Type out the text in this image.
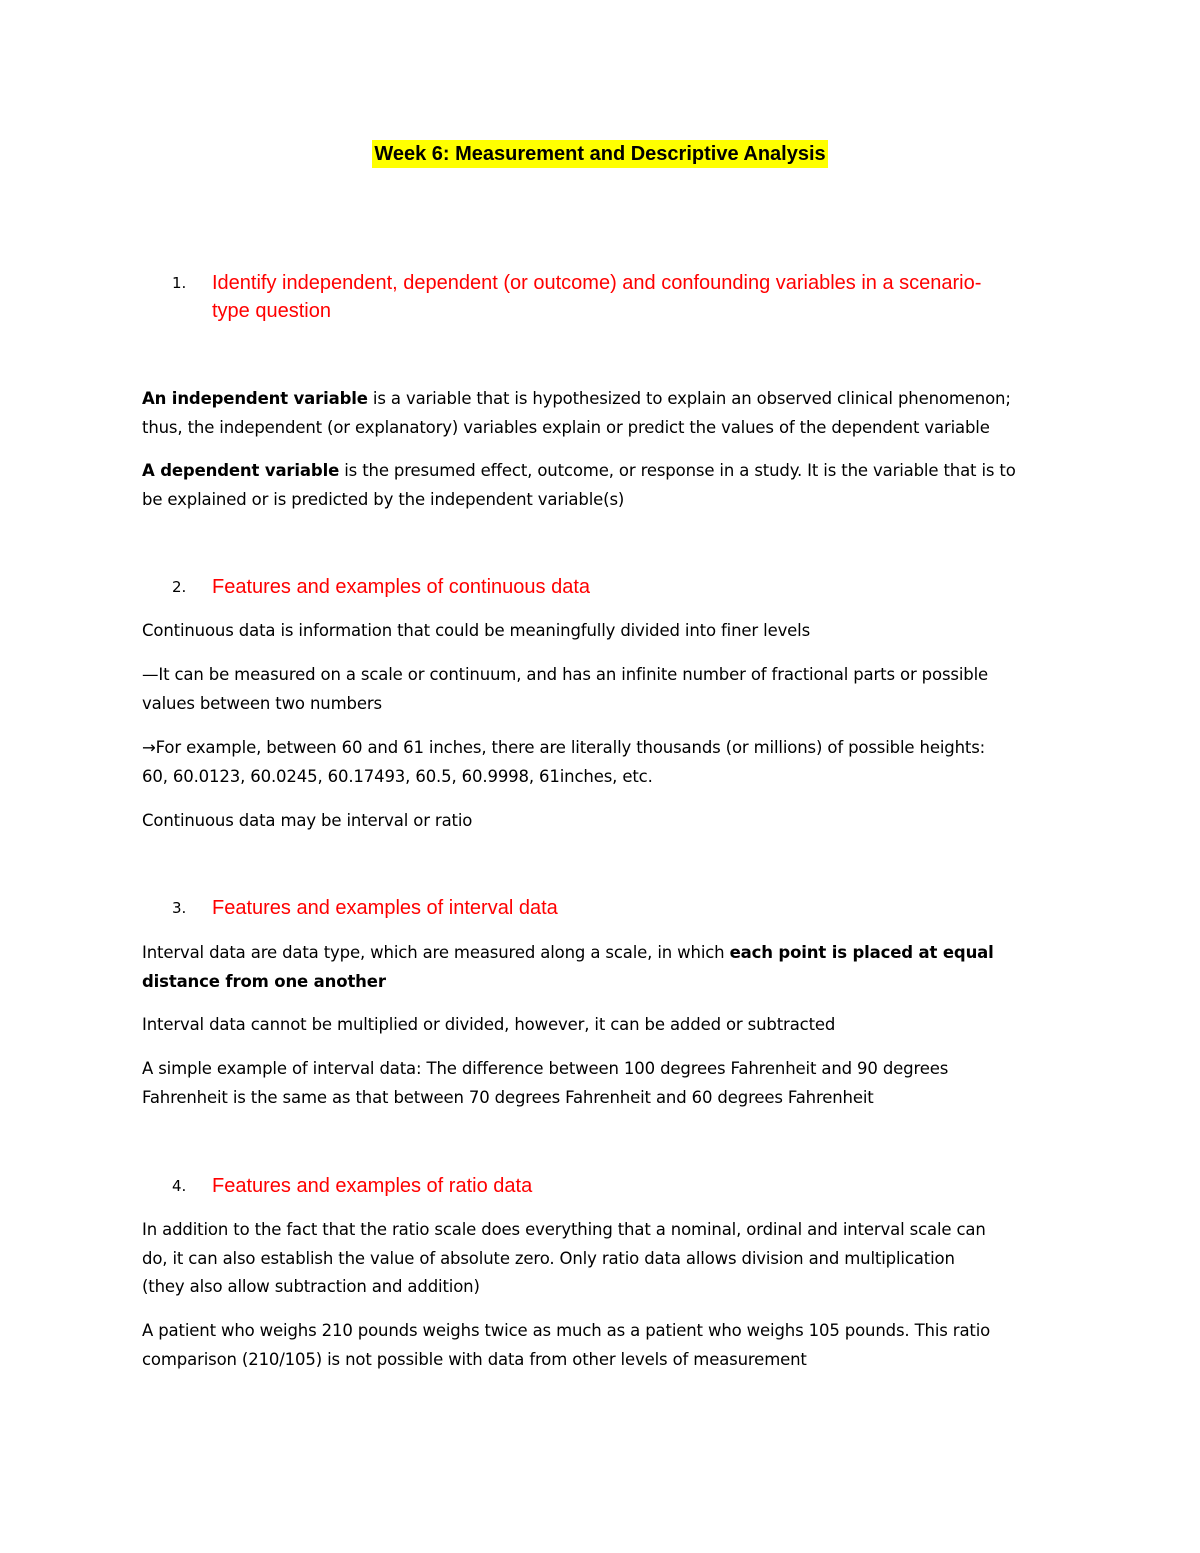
Week 6: Measurement and Descriptive Analysis
1. Identify independent, dependent (or outcome) and confounding variables in a scenario-
type question
An independent variable is a variable that is hypothesized to explain an observed clinical phenomenon;
thus, the independent (or explanatory) variables explain or predict the values of the dependent variable
A dependent variable is the presumed effect, outcome, or response in a study. It is the variable that is to
be explained or is predicted by the independent variable(s)
2. Features and examples of continuous data
Continuous data is information that could be meaningfully divided into finer levels
—It can be measured on a scale or continuum, and has an infinite number of fractional parts or possible
values between two numbers
→For example, between 60 and 61 inches, there are literally thousands (or millions) of possible heights:
60, 60.0123, 60.0245, 60.17493, 60.5, 60.9998, 61inches, etc.
Continuous data may be interval or ratio
3. Features and examples of interval data
Interval data are data type, which are measured along a scale, in which each point is placed at equal
distance from one another
Interval data cannot be multiplied or divided, however, it can be added or subtracted
A simple example of interval data: The difference between 100 degrees Fahrenheit and 90 degrees
Fahrenheit is the same as that between 70 degrees Fahrenheit and 60 degrees Fahrenheit
4. Features and examples of ratio data
In addition to the fact that the ratio scale does everything that a nominal, ordinal and interval scale can
do, it can also establish the value of absolute zero. Only ratio data allows division and multiplication
(they also allow subtraction and addition)
A patient who weighs 210 pounds weighs twice as much as a patient who weighs 105 pounds. This ratio
comparison (210/105) is not possible with data from other levels of measurement
